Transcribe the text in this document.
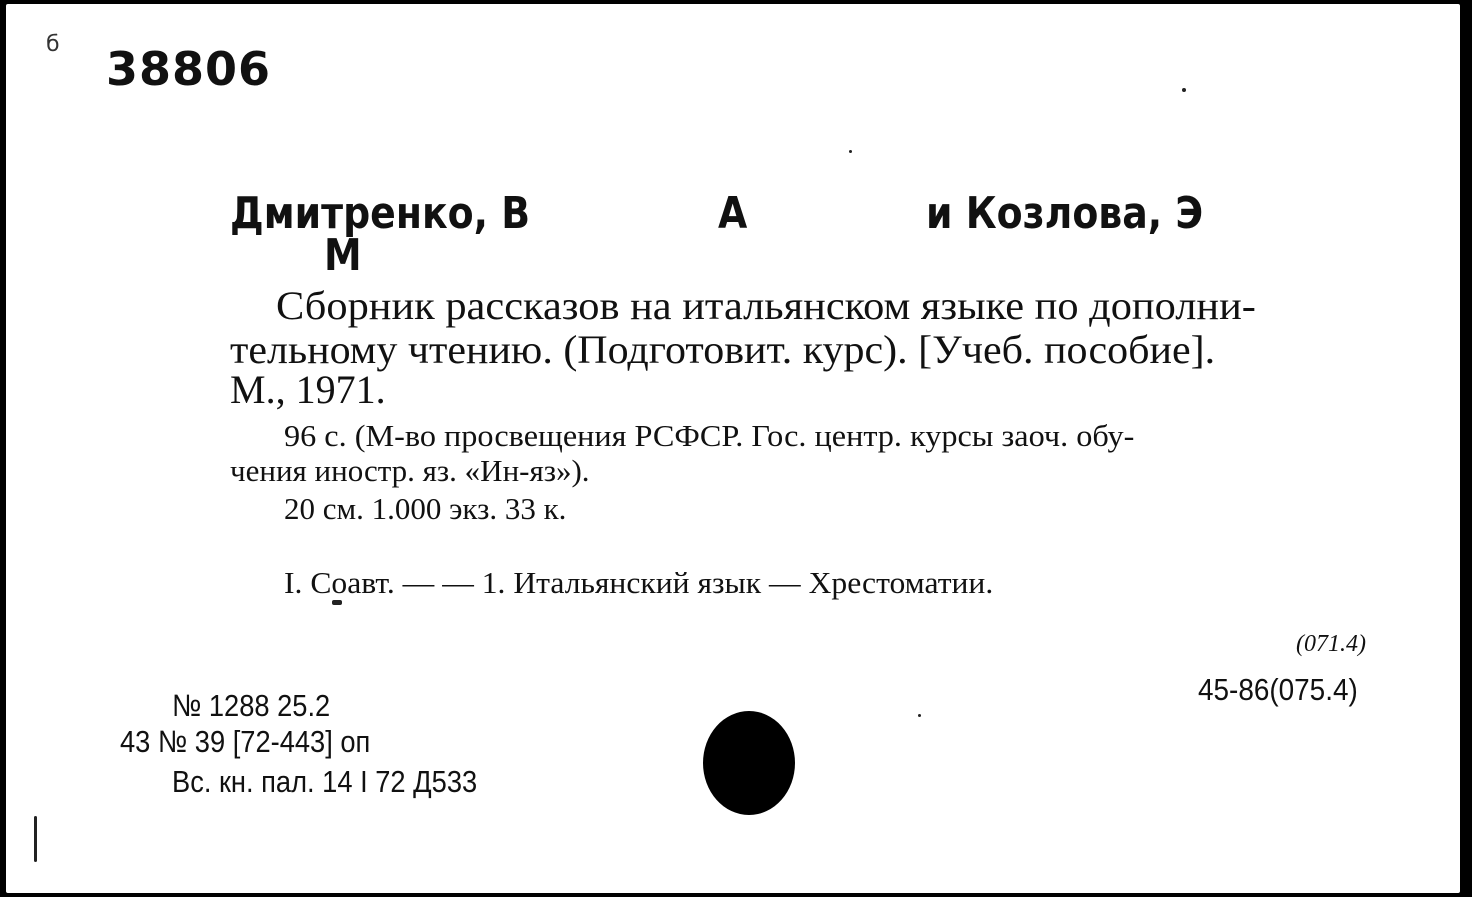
б 38806
Дмитренко, В	А	и Козлова, Э
М
Сборник рассказов на итальянском языке по дополни-
тельному чтению. (Подготовит. курс). [Учеб. пособие].
М., 1971.
96 с. (М-во просвещения РСФСР. Гос. центр. курсы заоч. обу-
чения иностр. яз. «Ин-яз»).
20 см. 1.000 экз. 33 к.
I. Соавт. — — 1. Итальянский язык — Хрестоматии.
(071.4)
45-86(075.4)
№ 1288 25.2
43 № 39 [72-443] оп
Вс. кн. пал. 14 I 72 Д533
